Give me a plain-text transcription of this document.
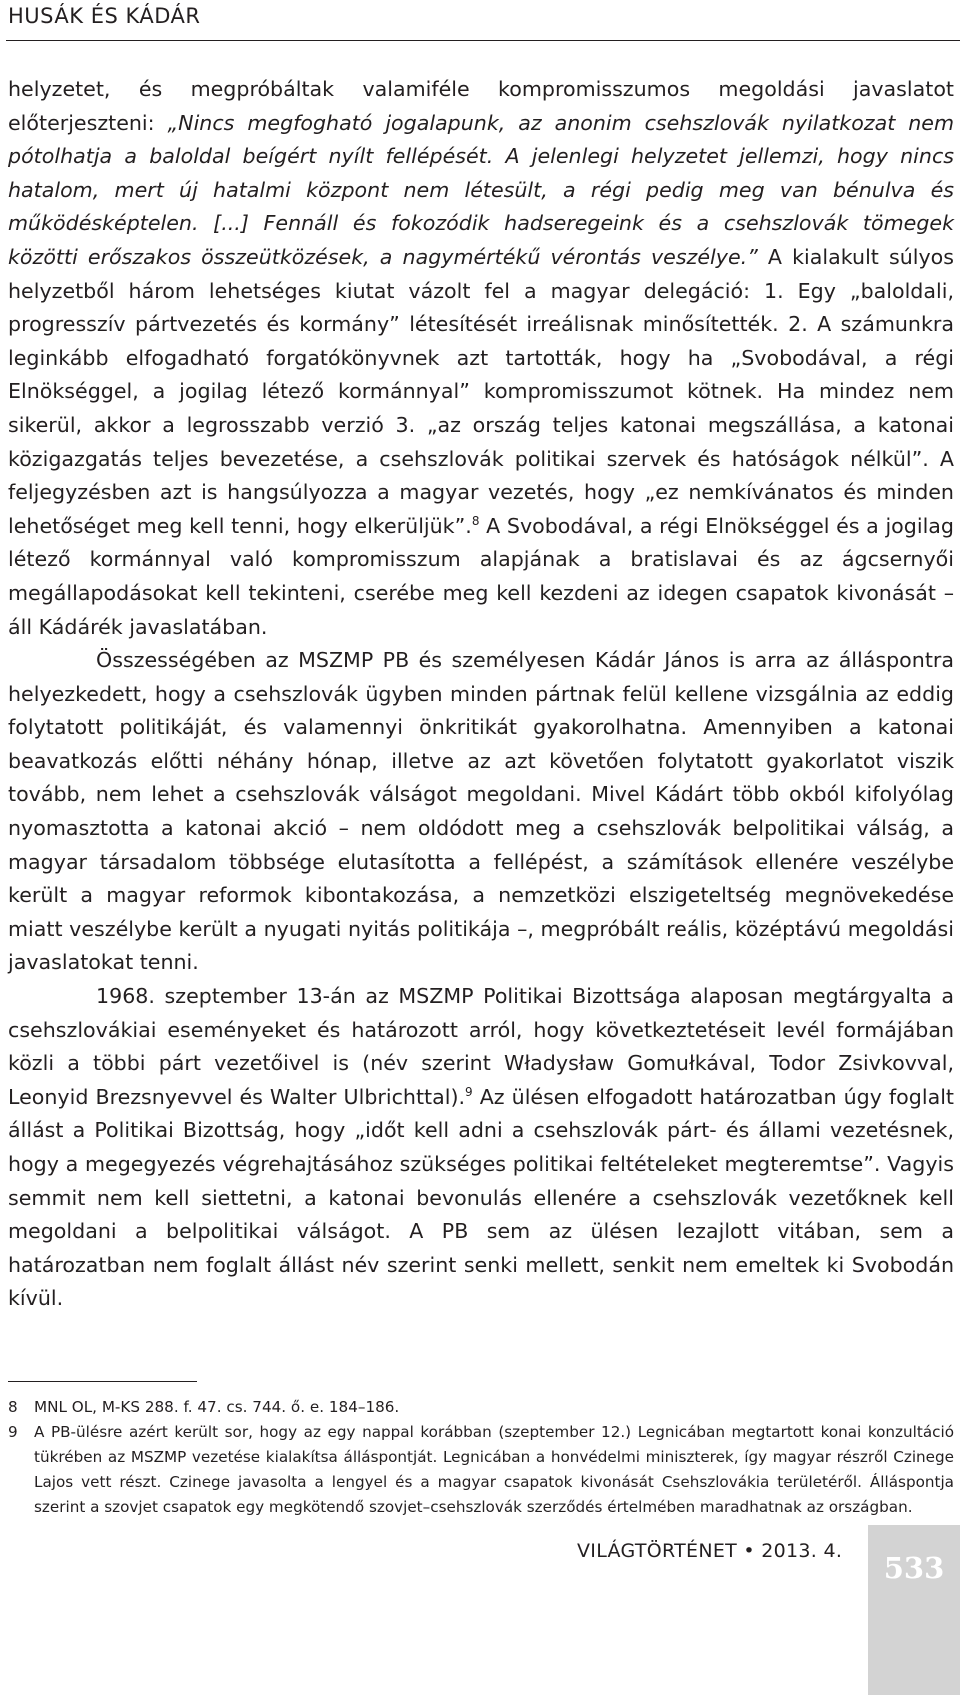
HUSÁK ÉS KÁDÁR

helyzetet, és megpróbáltak valamiféle kompromisszumos megoldási javaslatot előterjeszteni: „Nincs megfogható jogalapunk, az anonim csehszlovák nyilatkozat nem pótolhatja a baloldal beígért nyílt fellépését. A jelenlegi helyzetet jellemzi, hogy nincs hatalom, mert új hatalmi központ nem létesült, a régi pedig meg van bénulva és működésképtelen. [...] Fennáll és fokozódik hadseregeink és a csehszlovák tömegek közötti erőszakos összeütközések, a nagymértékű vérontás veszélye.” A kialakult súlyos helyzetből három lehetséges kiutat vázolt fel a magyar delegáció: 1. Egy „baloldali, progresszív pártvezetés és kormány” létesítését irreálisnak minősítették. 2. A számunkra leginkább elfogadható forgatókönyvnek azt tartották, hogy ha „Svobodával, a régi Elnökséggel, a jogilag létező kormánnyal” kompromisszumot kötnek. Ha mindez nem sikerül, akkor a legrosszabb verzió 3. „az ország teljes katonai megszállása, a katonai közigazgatás teljes bevezetése, a csehszlovák politikai szervek és hatóságok nélkül”. A feljegyzésben azt is hangsúlyozza a magyar vezetés, hogy „ez nemkívánatos és minden lehetőséget meg kell tenni, hogy elkerüljük”.$^8$ A Svobodával, a régi Elnökséggel és a jogilag létező kormánnyal való kompromisszum alapjának a bratislavai és az ágcsernyői megállapodásokat kell tekinteni, cserébe meg kell kezdeni az idegen csapatok kivonását – áll Kádárék javaslatában.

Összességében az MSZMP PB és személyesen Kádár János is arra az álláspontra helyezkedett, hogy a csehszlovák ügyben minden pártnak felül kellene vizsgálnia az eddig folytatott politikáját, és valamennyi önkritikát gyakorolhatna. Amennyiben a katonai beavatkozás előtti néhány hónap, illetve az azt követően folytatott gyakorlatot viszik tovább, nem lehet a csehszlovák válságot megoldani. Mivel Kádárt több okból kifolyólag nyomasztotta a katonai akció – nem oldódott meg a csehszlovák belpolitikai válság, a magyar társadalom többsége elutasította a fellépést, a számítások ellenére veszélybe került a magyar reformok kibontakozása, a nemzetközi elszigeteltség megnövekedése miatt veszélybe került a nyugati nyitás politikája –, megpróbált reális, középtávú megoldási javaslatokat tenni.

1968. szeptember 13-án az MSZMP Politikai Bizottsága alaposan megtárgyalta a csehszlovákiai eseményeket és határozott arról, hogy következtetéseit levél formájában közli a többi párt vezetőivel is (név szerint Władysław Gomułkával, Todor Zsivkovval, Leonyid Brezsnyevvel és Walter Ulbrichttal).$^9$ Az ülésen elfogadott határozatban úgy foglalt állást a Politikai Bizottság, hogy „időt kell adni a csehszlovák párt- és állami vezetésnek, hogy a megegyezés végrehajtásához szükséges politikai feltételeket megteremtse”. Vagyis semmit nem kell siettetni, a katonai bevonulás ellenére a csehszlovák vezetőknek kell megoldani a belpolitikai válságot. A PB sem az ülésen lezajlott vitában, sem a határozatban nem foglalt állást név szerint senki mellett, senkit nem emeltek ki Svobodán kívül.

8	MNL OL, M-KS 288. f. 47. cs. 744. ő. e. 184–186.
9	A PB-ülésre azért került sor, hogy az egy nappal korábban (szeptember 12.) Legnicában megtartott konai konzultáció tükrében az MSZMP vezetése kialakítsa álláspontját. Legnicában a honvédelmi miniszterek, így magyar részről Czinege Lajos vett részt. Czinege javasolta a lengyel és a magyar csapatok kivonását Csehszlovákia területéről. Álláspontja szerint a szovjet csapatok egy megkötendő szovjet–csehszlovák szerződés értelmében maradhatnak az országban.
VILÁGTÖRTÉNET • 2013. 4.	533
